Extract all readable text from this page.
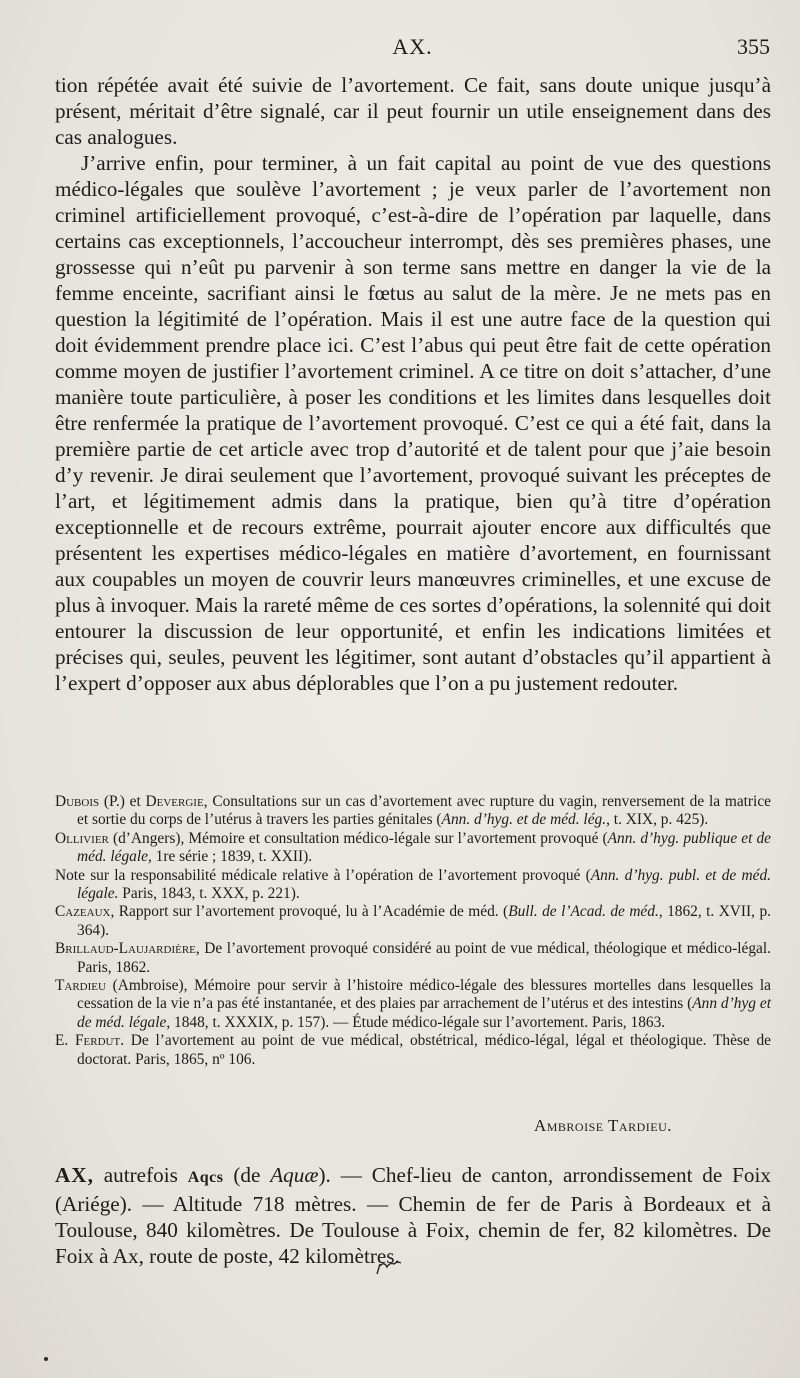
AX.	355

tion répétée avait été suivie de l’avortement. Ce fait, sans doute unique jusqu’à présent, méritait d’être signalé, car il peut fournir un utile enseignement dans des cas analogues.

J’arrive enfin, pour terminer, à un fait capital au point de vue des questions médico-légales que soulève l’avortement ; je veux parler de l’avortement non criminel artificiellement provoqué, c’est-à-dire de l’opération par laquelle, dans certains cas exceptionnels, l’accoucheur interrompt, dès ses premières phases, une grossesse qui n’eût pu parvenir à son terme sans mettre en danger la vie de la femme enceinte, sacrifiant ainsi le fœtus au salut de la mère. Je ne mets pas en question la légitimité de l’opération. Mais il est une autre face de la question qui doit évidemment prendre place ici. C’est l’abus qui peut être fait de cette opération comme moyen de justifier l’avortement criminel. A ce titre on doit s’attacher, d’une manière toute particulière, à poser les conditions et les limites dans lesquelles doit être renfermée la pratique de l’avortement provoqué. C’est ce qui a été fait, dans la première partie de cet article avec trop d’autorité et de talent pour que j’aie besoin d’y revenir. Je dirai seulement que l’avortement, provoqué suivant les préceptes de l’art, et légitimement admis dans la pratique, bien qu’à titre d’opération exceptionnelle et de recours extrême, pourrait ajouter encore aux difficultés que présentent les expertises médico-légales en matière d’avortement, en fournissant aux coupables un moyen de couvrir leurs manœuvres criminelles, et une excuse de plus à invoquer. Mais la rareté même de ces sortes d’opérations, la solennité qui doit entourer la discussion de leur opportunité, et enfin les indications limitées et précises qui, seules, peuvent les légitimer, sont autant d’obstacles qu’il appartient à l’expert d’opposer aux abus déplorables que l’on a pu justement redouter.

Dubois (P.) et Devergie, Consultations sur un cas d’avortement avec rupture du vagin, renversement de la matrice et sortie du corps de l’utérus à travers les parties génitales (Ann. d’hyg. et de méd. lég., t. XIX, p. 425).

Ollivier (d’Angers), Mémoire et consultation médico-légale sur l’avortement provoqué (Ann. d’hyg. publique et de méd. légale, 1re série ; 1839, t. XXII).

Note sur la responsabilité médicale relative à l’opération de l’avortement provoqué (Ann. d’hyg. publ. et de méd. légale. Paris, 1843, t. XXX, p. 221).

Cazeaux, Rapport sur l’avortement provoqué, lu à l’Académie de méd. (Bull. de l’Acad. de méd., 1862, t. XVII, p. 364).

Brillaud-Laujardière, De l’avortement provoqué considéré au point de vue médical, théologique et médico-légal. Paris, 1862.

Tardieu (Ambroise), Mémoire pour servir à l’histoire médico-légale des blessures mortelles dans lesquelles la cessation de la vie n’a pas été instantanée, et des plaies par arrachement de l’utérus et des intestins (Ann d’hyg et de méd. légale, 1848, t. XXXIX, p. 157). — Étude médico-légale sur l’avortement. Paris, 1863.

E. Ferdut. De l’avortement au point de vue médical, obstétrical, médico-légal, légal et théologique. Thèse de doctorat. Paris, 1865, nº 106.

Ambroise Tardieu.
AX, autrefois Aqcs (de Aquæ). — Chef-lieu de canton, arrondissement de Foix (Ariége). — Altitude 718 mètres. — Chemin de fer de Paris à Bordeaux et à Toulouse, 840 kilomètres. De Toulouse à Foix, chemin de fer, 82 kilomètres. De Foix à Ax, route de poste, 42 kilomètres.
